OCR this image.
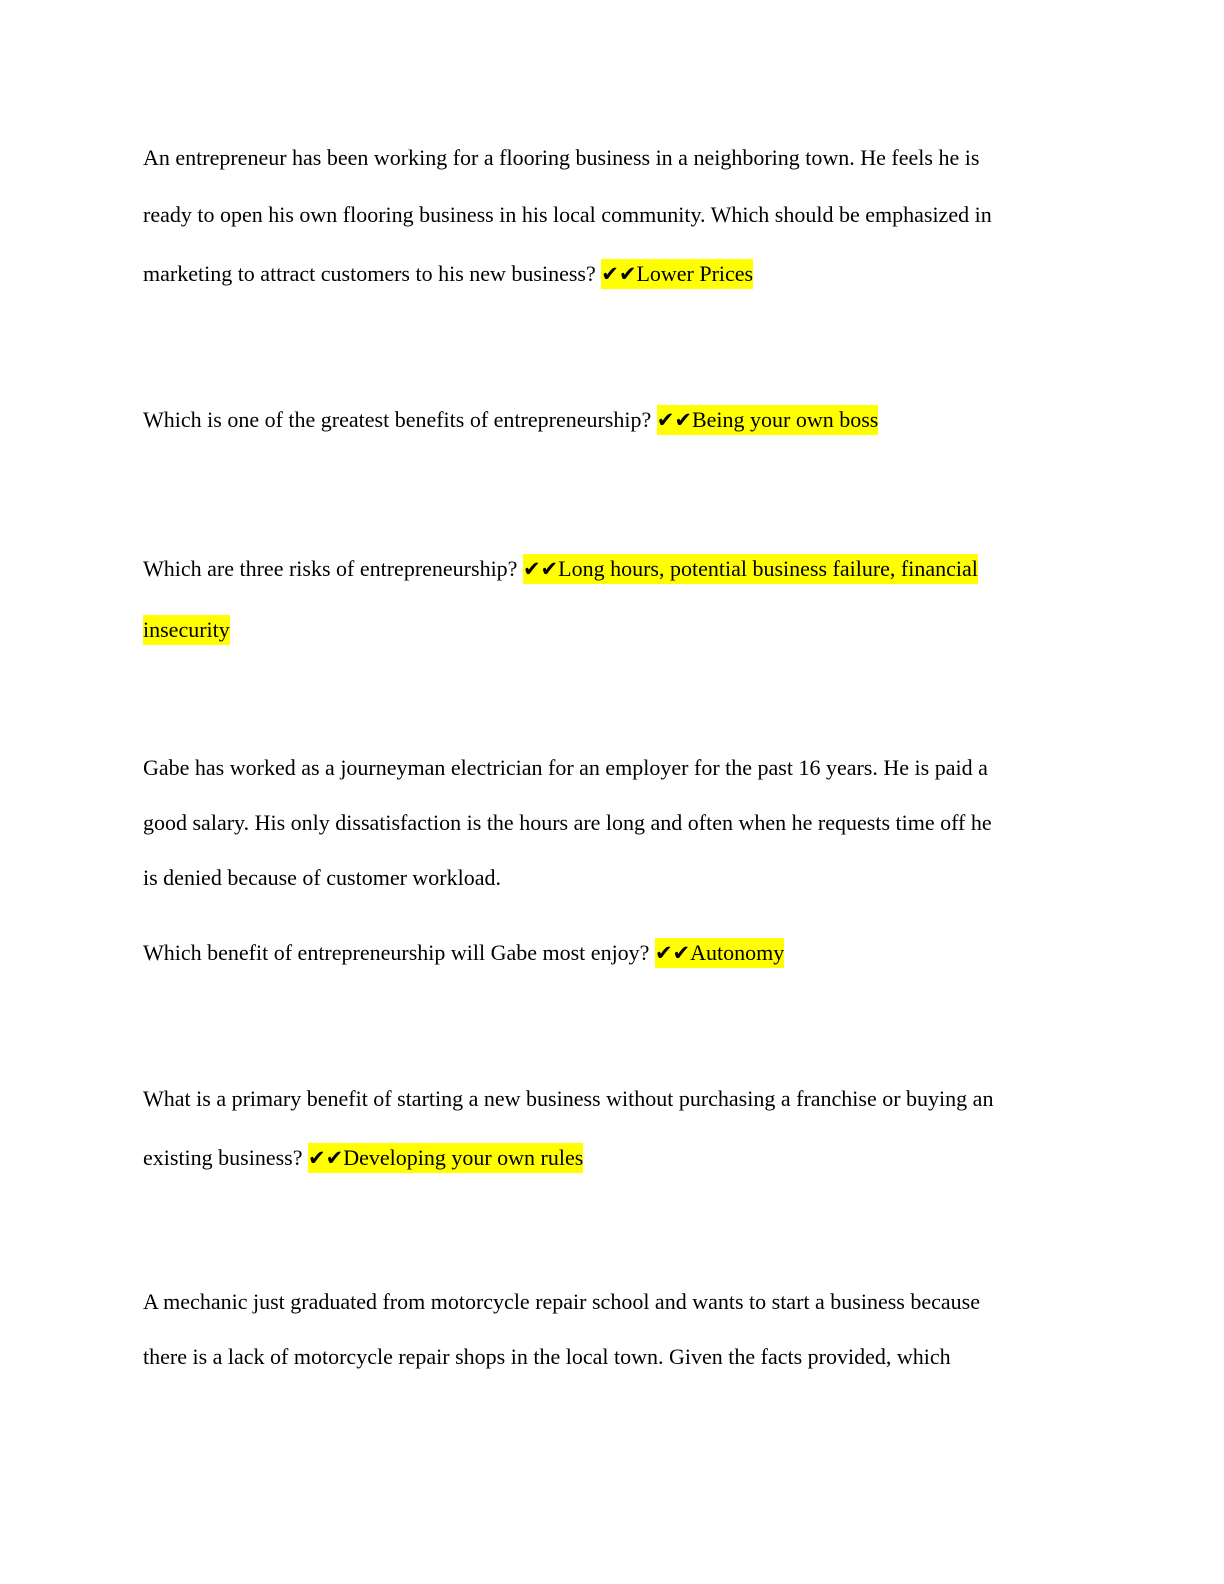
An entrepreneur has been working for a flooring business in a neighboring town. He feels he is
ready to open his own flooring business in his local community. Which should be emphasized in
marketing to attract customers to his new business? ✔✔Lower Prices
Which is one of the greatest benefits of entrepreneurship? ✔✔Being your own boss
Which are three risks of entrepreneurship? ✔✔Long hours, potential business failure, financial
insecurity
Gabe has worked as a journeyman electrician for an employer for the past 16 years. He is paid a
good salary. His only dissatisfaction is the hours are long and often when he requests time off he
is denied because of customer workload.
Which benefit of entrepreneurship will Gabe most enjoy? ✔✔Autonomy
What is a primary benefit of starting a new business without purchasing a franchise or buying an
existing business? ✔✔Developing your own rules
A mechanic just graduated from motorcycle repair school and wants to start a business because
there is a lack of motorcycle repair shops in the local town. Given the facts provided, which
